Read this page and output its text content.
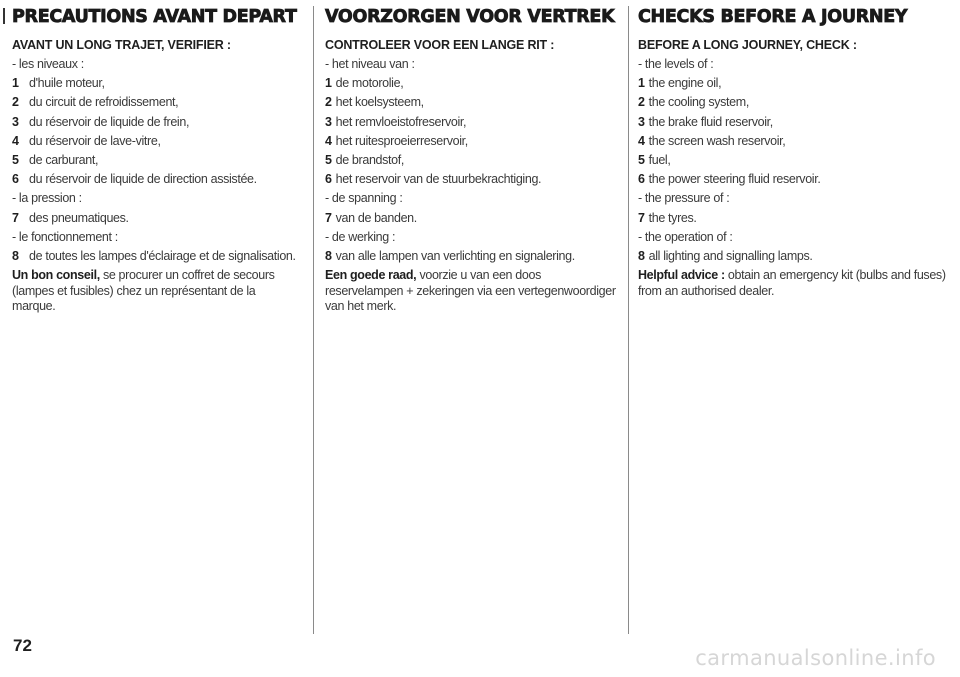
PRECAUTIONS AVANT DEPART
AVANT UN LONG TRAJET, VERIFIER :
- les niveaux :
1 d'huile moteur,
2 du circuit de refroidissement,
3 du réservoir de liquide de frein,
4 du réservoir de lave-vitre,
5 de carburant,
6 du réservoir de liquide de direction assistée.
- la pression :
7 des pneumatiques.
- le fonctionnement :
8 de toutes les lampes d'éclairage et de signalisation.
Un bon conseil, se procurer un coffret de secours (lampes et fusibles) chez un représentant de la marque.
VOORZORGEN VOOR VERTREK
CONTROLEER VOOR EEN LANGE RIT :
- het niveau van :
1 de motorolie,
2 het koelsysteem,
3 het remvloeistofreservoir,
4 het ruitesproeierreservoir,
5 de brandstof,
6 het reservoir van de stuurbekrachtiging.
- de spanning :
7 van de banden.
- de werking :
8 van alle lampen van verlichting en signalering.
Een goede raad, voorzie u van een doos reservelampen + zekeringen via een vertegenwoordiger van het merk.
CHECKS BEFORE A JOURNEY
BEFORE A LONG JOURNEY, CHECK :
- the levels of :
1 the engine oil,
2 the cooling system,
3 the brake fluid reservoir,
4 the screen wash reservoir,
5 fuel,
6 the power steering fluid reservoir.
- the pressure of :
7 the tyres.
- the operation of :
8 all lighting and signalling lamps.
Helpful advice : obtain an emergency kit (bulbs and fuses) from an authorised dealer.
72
carmanualsonline.info
